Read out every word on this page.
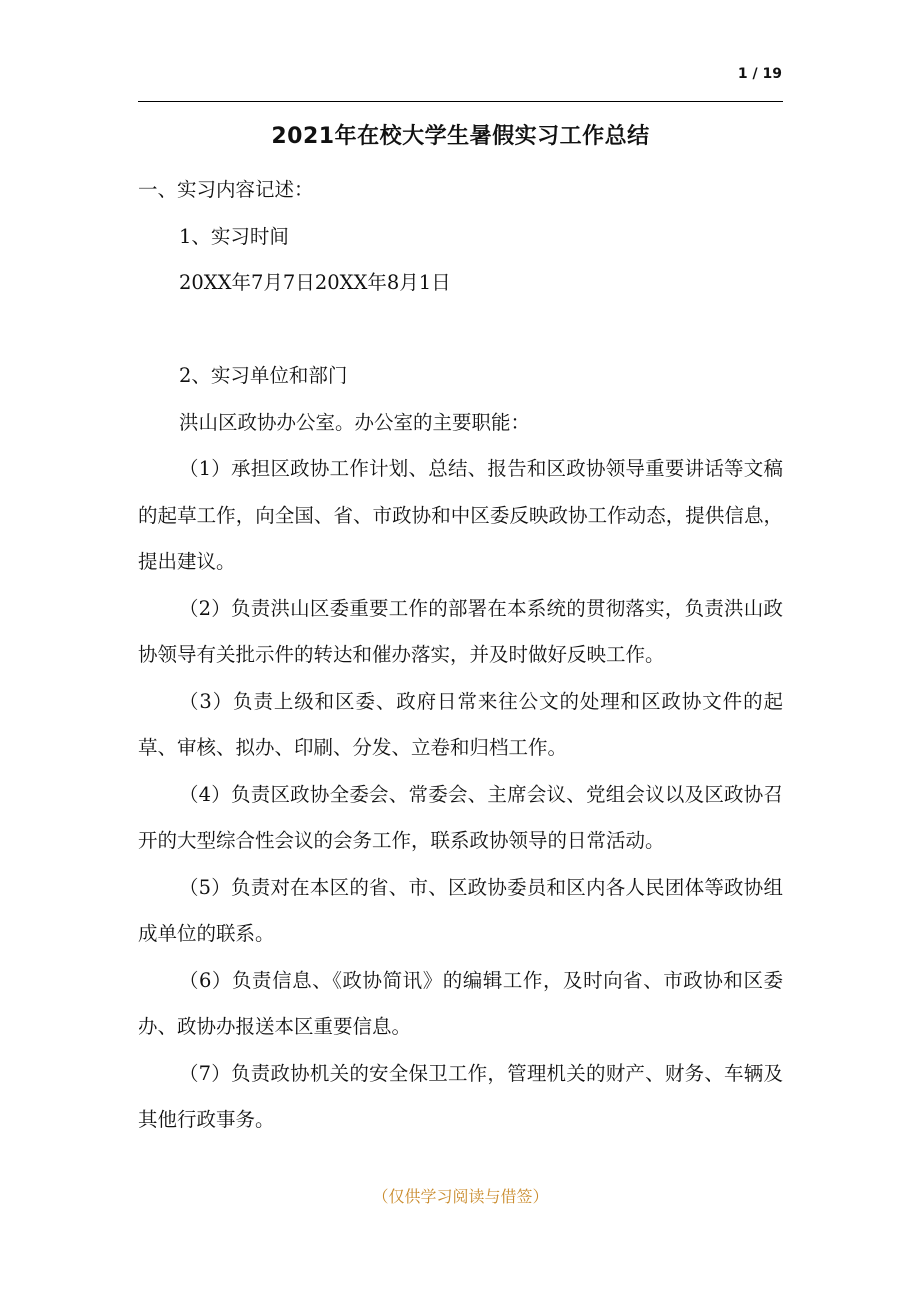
1 / 19
2021年在校大学生暑假实习工作总结

一、实习内容记述：

1、实习时间

20XX年7月7日20XX年8月1日

2、实习单位和部门

洪山区政协办公室。办公室的主要职能：

（1）承担区政协工作计划、总结、报告和区政协领导重要讲话等文稿的起草工作，向全国、省、市政协和中区委反映政协工作动态，提供信息，提出建议。

（2）负责洪山区委重要工作的部署在本系统的贯彻落实，负责洪山政协领导有关批示件的转达和催办落实，并及时做好反映工作。

（3）负责上级和区委、政府日常来往公文的处理和区政协文件的起草、审核、拟办、印刷、分发、立卷和归档工作。

（4）负责区政协全委会、常委会、主席会议、党组会议以及区政协召开的大型综合性会议的会务工作，联系政协领导的日常活动。

（5）负责对在本区的省、市、区政协委员和区内各人民团体等政协组成单位的联系。

（6）负责信息、《政协简讯》的编辑工作，及时向省、市政协和区委办、政协办报送本区重要信息。

（7）负责政协机关的安全保卫工作，管理机关的财产、财务、车辆及其他行政事务。

（仅供学习阅读与借签）
